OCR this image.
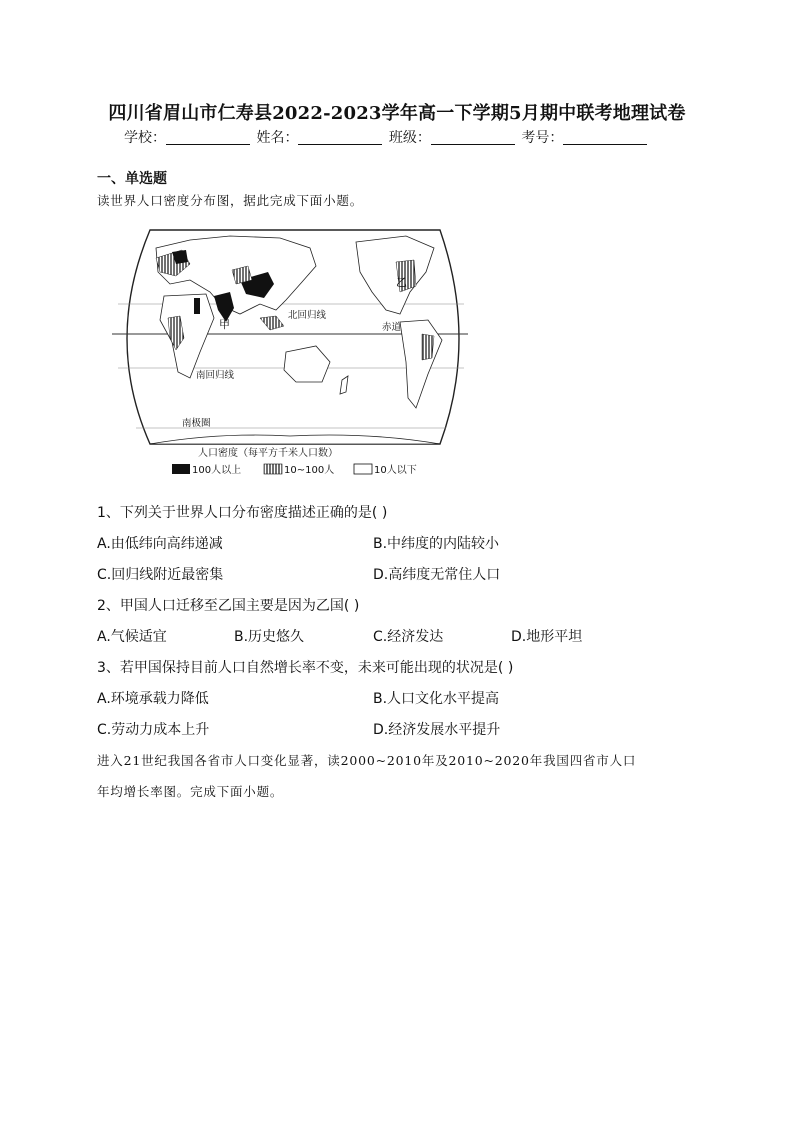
四川省眉山市仁寿县2022-2023学年高一下学期5月期中联考地理试卷
学校：	姓名：	班级：	考号：
一、单选题
读世界人口密度分布图，据此完成下面小题。
甲
乙
北回归线
赤道
南回归线
南极圈
人口密度（每平方千米人口数）
100人以上	10~100人	10人以下
1、下列关于世界人口分布密度描述正确的是( )
A.由低纬向高纬递减	B.中纬度的内陆较小
C.回归线附近最密集	D.高纬度无常住人口
2、甲国人口迁移至乙国主要是因为乙国( )
A.气候适宜	B.历史悠久	C.经济发达	D.地形平坦
3、若甲国保持目前人口自然增长率不变，未来可能出现的状况是( )
A.环境承载力降低	B.人口文化水平提高
C.劳动力成本上升	D.经济发展水平提升
进入21世纪我国各省市人口变化显著，读2000~2010年及2010~2020年我国四省市人口
年均增长率图。完成下面小题。
